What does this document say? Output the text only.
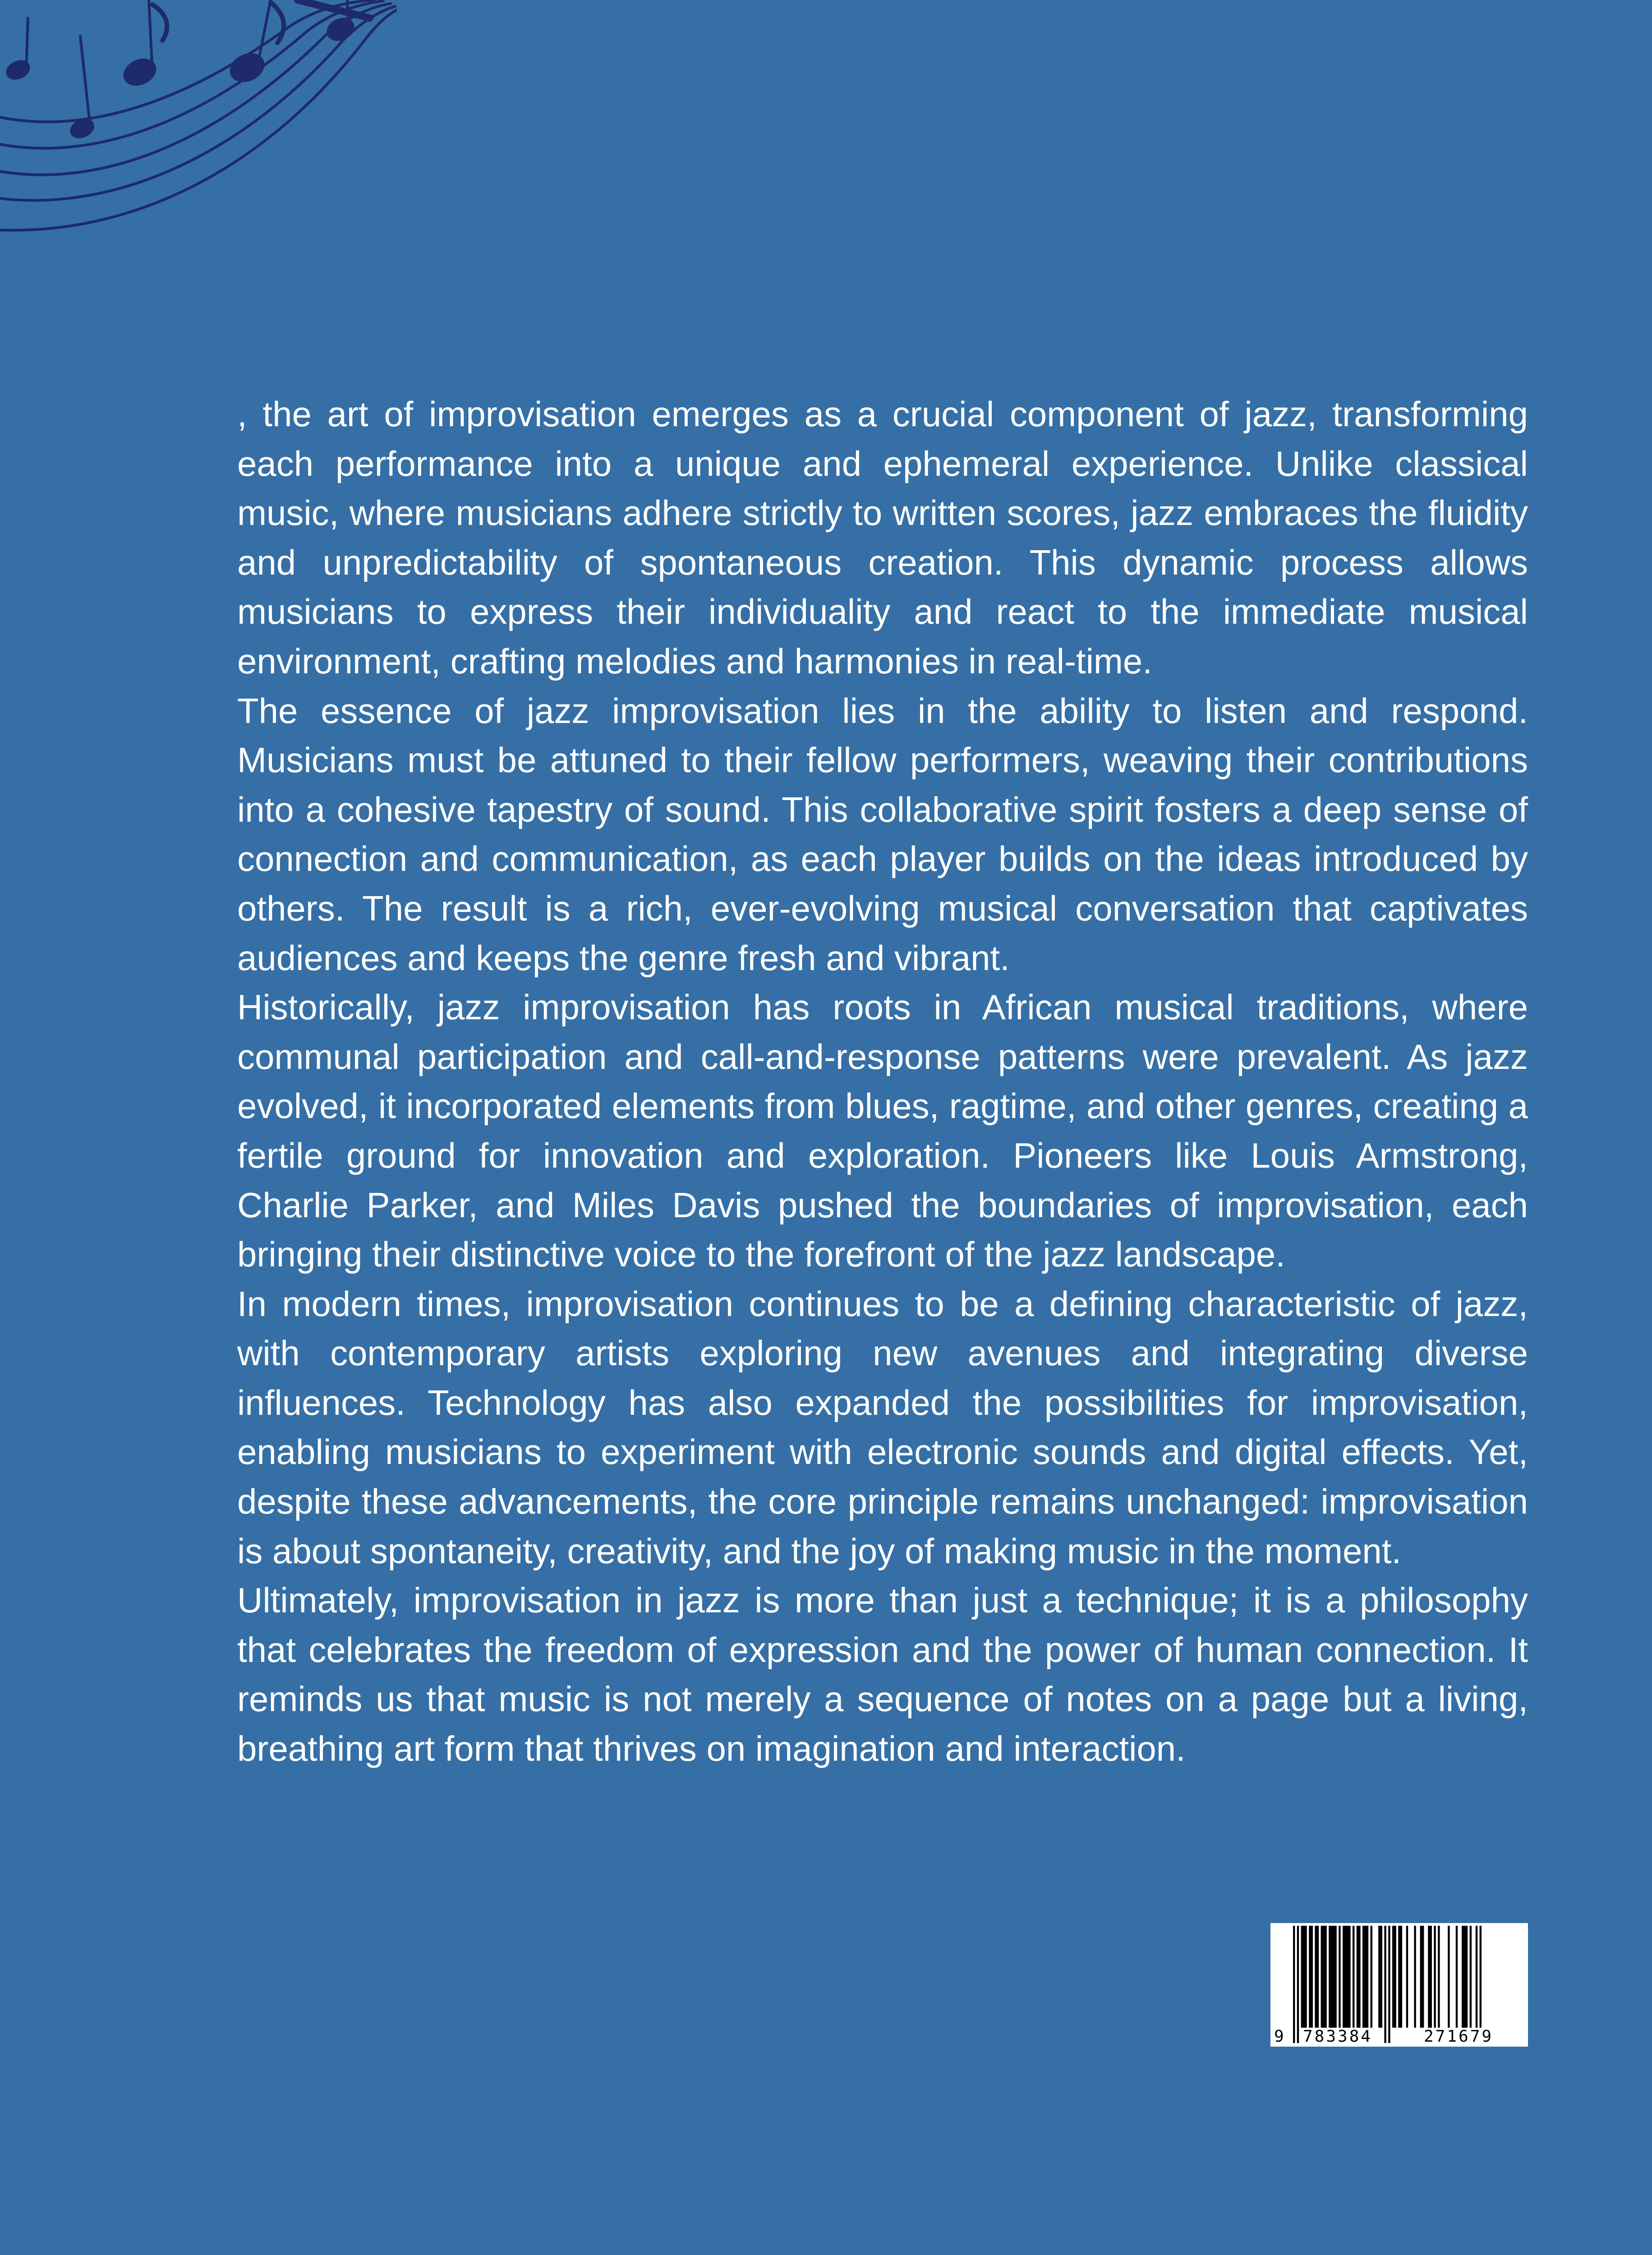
, the art of improvisation emerges as a crucial component of jazz, transforming each performance into a unique and ephemeral experience. Unlike classical music, where musicians adhere strictly to written scores, jazz embraces the fluidity and unpredictability of spontaneous creation. This dynamic process allows musicians to express their individuality and react to the immediate musical environment, crafting melodies and harmonies in real-time.

The essence of jazz improvisation lies in the ability to listen and respond. Musicians must be attuned to their fellow performers, weaving their contributions into a cohesive tapestry of sound. This collaborative spirit fosters a deep sense of connection and communication, as each player builds on the ideas introduced by others. The result is a rich, ever-evolving musical conversation that captivates audiences and keeps the genre fresh and vibrant.

Historically, jazz improvisation has roots in African musical traditions, where communal participation and call-and-response patterns were prevalent. As jazz evolved, it incorporated elements from blues, ragtime, and other genres, creating a fertile ground for innovation and exploration. Pioneers like Louis Armstrong, Charlie Parker, and Miles Davis pushed the boundaries of improvisation, each bringing their distinctive voice to the forefront of the jazz landscape.

In modern times, improvisation continues to be a defining characteristic of jazz, with contemporary artists exploring new avenues and integrating diverse influences. Technology has also expanded the possibilities for improvisation, enabling musicians to experiment with electronic sounds and digital effects. Yet, despite these advancements, the core principle remains unchanged: improvisation is about spontaneity, creativity, and the joy of making music in the moment.

Ultimately, improvisation in jazz is more than just a technique; it is a philosophy that celebrates the freedom of expression and the power of human connection. It reminds us that music is not merely a sequence of notes on a page but a living, breathing art form that thrives on imagination and interaction.

9 783384	271679
